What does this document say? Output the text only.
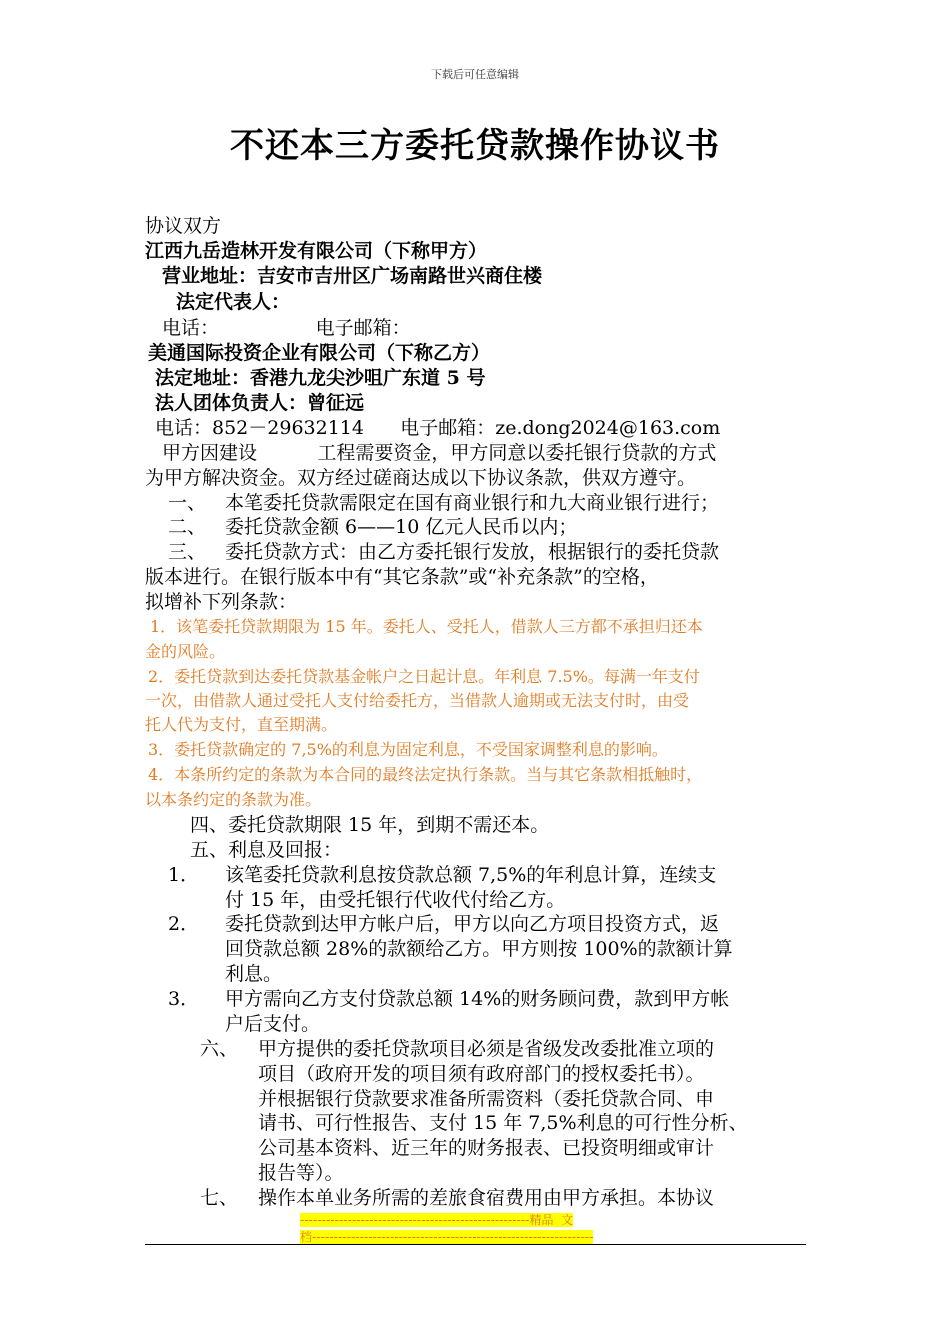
下载后可任意编辑
不还本三方委托贷款操作协议书
协议双方
江西九岳造林开发有限公司（下称甲方）
营业地址：吉安市吉卅区广场南路世兴商住楼
法定代表人：
电话：                电子邮箱：
美通国际投资企业有限公司（下称乙方）
法定地址：香港九龙尖沙咀广东道 5 号
法人团体负责人：曾征远
电话：852－29632114      电子邮箱：ze.dong2024@163.com
甲方因建设          工程需要资金，甲方同意以委托银行贷款的方式
为甲方解决资金。双方经过磋商达成以下协议条款，供双方遵守。
一、 本笔委托贷款需限定在国有商业银行和九大商业银行进行；
二、 委托贷款金额 6——10 亿元人民币以内；
三、 委托贷款方式：由乙方委托银行发放，根据银行的委托贷款
版本进行。在银行版本中有“其它条款”或“补充条款”的空格，
拟增补下列条款：
1．该笔委托贷款期限为 15 年。委托人、受托人，借款人三方都不承担归还本
金的风险。
2．委托贷款到达委托贷款基金帐户之日起计息。年利息 7.5%。每满一年支付
一次，由借款人通过受托人支付给委托方，当借款人逾期或无法支付时，由受
托人代为支付，直至期满。
3．委托贷款确定的 7,5%的利息为固定利息，不受国家调整利息的影响。
4．本条所约定的条款为本合同的最终法定执行条款。当与其它条款相抵触时，
以本条约定的条款为准。
四、委托贷款期限 15 年，到期不需还本。
五、利息及回报：
1． 该笔委托贷款利息按贷款总额 7,5%的年利息计算，连续支
付 15 年，由受托银行代收代付给乙方。
2． 委托贷款到达甲方帐户后，甲方以向乙方项目投资方式，返
回贷款总额 28%的款额给乙方。甲方则按 100%的款额计算
利息。
3． 甲方需向乙方支付贷款总额 14%的财务顾问费，款到甲方帐
户后支付。
六、 甲方提供的委托贷款项目必须是省级发改委批准立项的
项目（政府开发的项目须有政府部门的授权委托书）。
并根据银行贷款要求准备所需资料（委托贷款合同、申
请书、可行性报告、支付 15 年 7,5%利息的可行性分析、
公司基本资料、近三年的财务报表、已投资明细或审计
报告等）。
七、 操作本单业务所需的差旅食宿费用由甲方承担。本协议
-----------------------------------------------------精品  文
档-----------------------------------------------------------------
